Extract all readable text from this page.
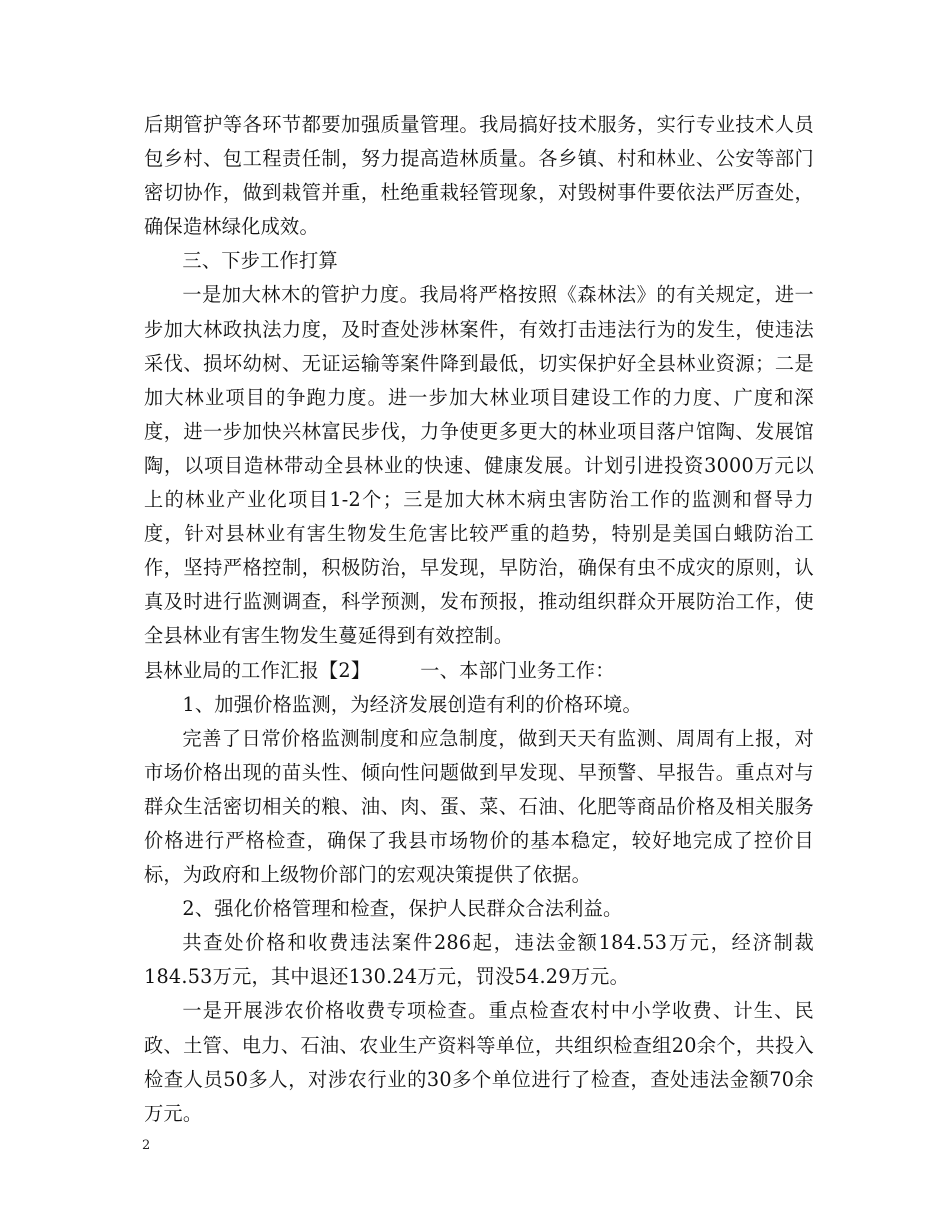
后期管护等各环节都要加强质量管理。我局搞好技术服务，实行专业技术人员包乡村、包工程责任制，努力提高造林质量。各乡镇、村和林业、公安等部门密切协作，做到栽管并重，杜绝重栽轻管现象，对毁树事件要依法严厉查处，确保造林绿化成效。

三、下步工作打算

一是加大林木的管护力度。我局将严格按照《森林法》的有关规定，进一步加大林政执法力度，及时查处涉林案件，有效打击违法行为的发生，使违法采伐、损坏幼树、无证运输等案件降到最低，切实保护好全县林业资源；二是加大林业项目的争跑力度。进一步加大林业项目建设工作的力度、广度和深度，进一步加快兴林富民步伐，力争使更多更大的林业项目落户馆陶、发展馆陶，以项目造林带动全县林业的快速、健康发展。计划引进投资3000万元以上的林业产业化项目1-2个；三是加大林木病虫害防治工作的监测和督导力度，针对县林业有害生物发生危害比较严重的趋势，特别是美国白蛾防治工作，坚持严格控制，积极防治，早发现，早防治，确保有虫不成灾的原则，认真及时进行监测调查，科学预测，发布预报，推动组织群众开展防治工作，使全县林业有害生物发生蔓延得到有效控制。

县林业局的工作汇报【2】	一、本部门业务工作：

1、加强价格监测，为经济发展创造有利的价格环境。

完善了日常价格监测制度和应急制度，做到天天有监测、周周有上报，对市场价格出现的苗头性、倾向性问题做到早发现、早预警、早报告。重点对与群众生活密切相关的粮、油、肉、蛋、菜、石油、化肥等商品价格及相关服务价格进行严格检查，确保了我县市场物价的基本稳定，较好地完成了控价目标，为政府和上级物价部门的宏观决策提供了依据。

2、强化价格管理和检查，保护人民群众合法利益。

共查处价格和收费违法案件286起，违法金额184.53万元，经济制裁184.53万元，其中退还130.24万元，罚没54.29万元。

一是开展涉农价格收费专项检查。重点检查农村中小学收费、计生、民政、土管、电力、石油、农业生产资料等单位，共组织检查组20余个，共投入检查人员50多人，对涉农行业的30多个单位进行了检查，查处违法金额70余万元。

2
